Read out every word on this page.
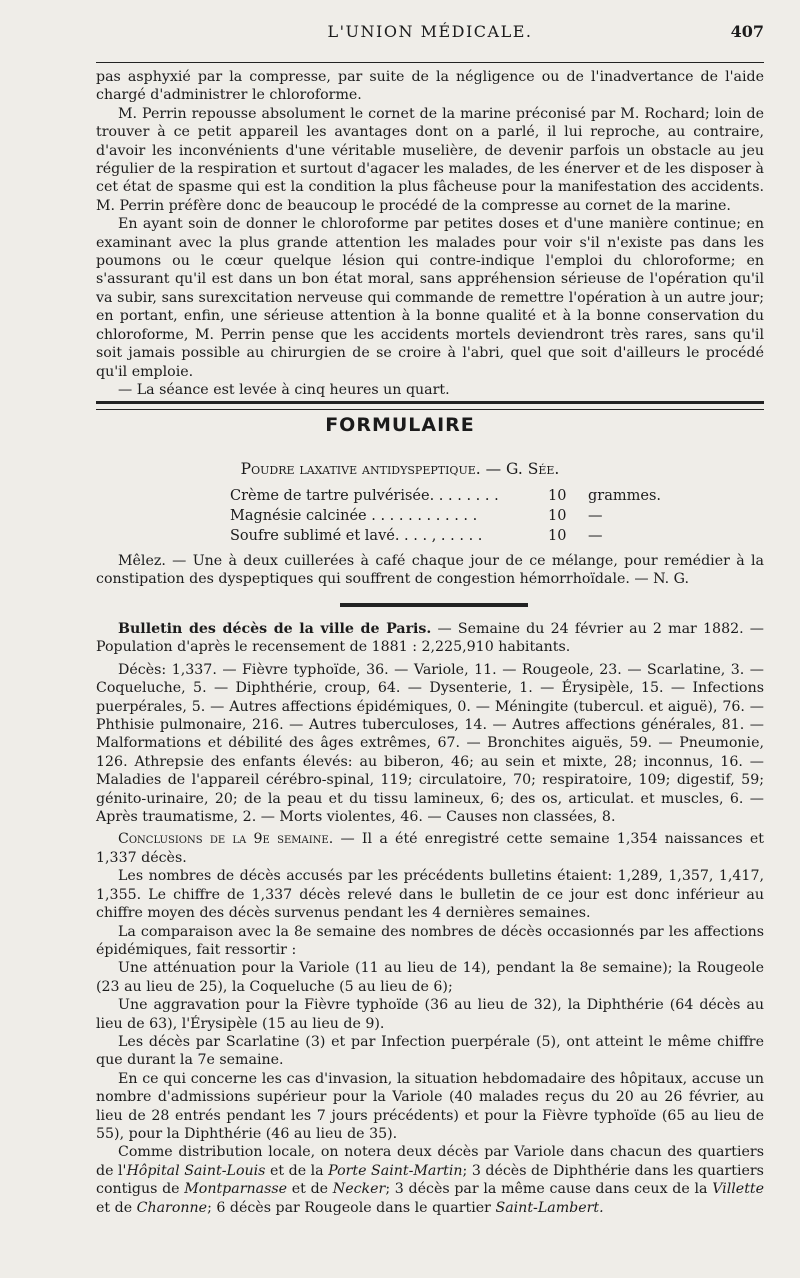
L'UNION MÉDICALE.	407

pas asphyxié par la compresse, par suite de la négligence ou de l'inadvertance de l'aide chargé d'administrer le chloroforme.

M. Perrin repousse absolument le cornet de la marine préconisé par M. Rochard; loin de trouver à ce petit appareil les avantages dont on a parlé, il lui reproche, au contraire, d'avoir les inconvénients d'une véritable muselière, de devenir parfois un obstacle au jeu régulier de la respiration et surtout d'agacer les malades, de les énerver et de les disposer à cet état de spasme qui est la condition la plus fâcheuse pour la manifestation des accidents. M. Perrin préfère donc de beaucoup le procédé de la compresse au cornet de la marine.

En ayant soin de donner le chloroforme par petites doses et d'une manière continue; en examinant avec la plus grande attention les malades pour voir s'il n'existe pas dans les poumons ou le cœur quelque lésion qui contre-indique l'emploi du chloroforme; en s'assurant qu'il est dans un bon état moral, sans appréhension sérieuse de l'opération qu'il va subir, sans surexcitation nerveuse qui commande de remettre l'opération à un autre jour; en portant, enfin, une sérieuse attention à la bonne qualité et à la bonne conservation du chloroforme, M. Perrin pense que les accidents mortels deviendront très rares, sans qu'il soit jamais possible au chirurgien de se croire à l'abri, quel que soit d'ailleurs le procédé qu'il emploie.

— La séance est levée à cinq heures un quart.

FORMULAIRE
Poudre laxative antidyspeptique. — G. Sée.
Crème de tartre pulvérisée. . . . . . . .	10 grammes.
Magnésie calcinée . . . . . . . . . . . .	10 —
Soufre sublimé et lavé. . . . , . . . . .	10 —

Mêlez. — Une à deux cuillerées à café chaque jour de ce mélange, pour remédier à la constipation des dyspeptiques qui souffrent de congestion hémorrhoïdale. — N. G.

Bulletin des décès de la ville de Paris. — Semaine du 24 février au 2 mar 1882. — Population d'après le recensement de 1881 : 2,225,910 habitants.

Décès: 1,337. — Fièvre typhoïde, 36. — Variole, 11. — Rougeole, 23. — Scarlatine, 3. — Coqueluche, 5. — Diphthérie, croup, 64. — Dysenterie, 1. — Érysipèle, 15. — Infections puerpérales, 5. — Autres affections épidémiques, 0. — Méningite (tubercul. et aiguë), 76. — Phthisie pulmonaire, 216. — Autres tuberculoses, 14. — Autres affections générales, 81. — Malformations et débilité des âges extrêmes, 67. — Bronchites aiguës, 59. — Pneumonie, 126. Athrepsie des enfants élevés: au biberon, 46; au sein et mixte, 28; inconnus, 16. — Maladies de l'appareil cérébro-spinal, 119; circulatoire, 70; respiratoire, 109; digestif, 59; génito-urinaire, 20; de la peau et du tissu lamineux, 6; des os, articulat. et muscles, 6. — Après traumatisme, 2. — Morts violentes, 46. — Causes non classées, 8.

Conclusions de la 9e semaine. — Il a été enregistré cette semaine 1,354 naissances et 1,337 décès.

Les nombres de décès accusés par les précédents bulletins étaient: 1,289, 1,357, 1,417, 1,355. Le chiffre de 1,337 décès relevé dans le bulletin de ce jour est donc inférieur au chiffre moyen des décès survenus pendant les 4 dernières semaines.

La comparaison avec la 8e semaine des nombres de décès occasionnés par les affections épidémiques, fait ressortir :

Une atténuation pour la Variole (11 au lieu de 14), pendant la 8e semaine); la Rougeole (23 au lieu de 25), la Coqueluche (5 au lieu de 6);

Une aggravation pour la Fièvre typhoïde (36 au lieu de 32), la Diphthérie (64 décès au lieu de 63), l'Érysipèle (15 au lieu de 9).

Les décès par Scarlatine (3) et par Infection puerpérale (5), ont atteint le même chiffre que durant la 7e semaine.

En ce qui concerne les cas d'invasion, la situation hebdomadaire des hôpitaux, accuse un nombre d'admissions supérieur pour la Variole (40 malades reçus du 20 au 26 février, au lieu de 28 entrés pendant les 7 jours précédents) et pour la Fièvre typhoïde (65 au lieu de 55), pour la Diphthérie (46 au lieu de 35).

Comme distribution locale, on notera deux décès par Variole dans chacun des quartiers de l'Hôpital Saint-Louis et de la Porte Saint-Martin; 3 décès de Diphthérie dans les quartiers contigus de Montparnasse et de Necker; 3 décès par la même cause dans ceux de la Villette et de Charonne; 6 décès par Rougeole dans le quartier Saint-Lambert.
